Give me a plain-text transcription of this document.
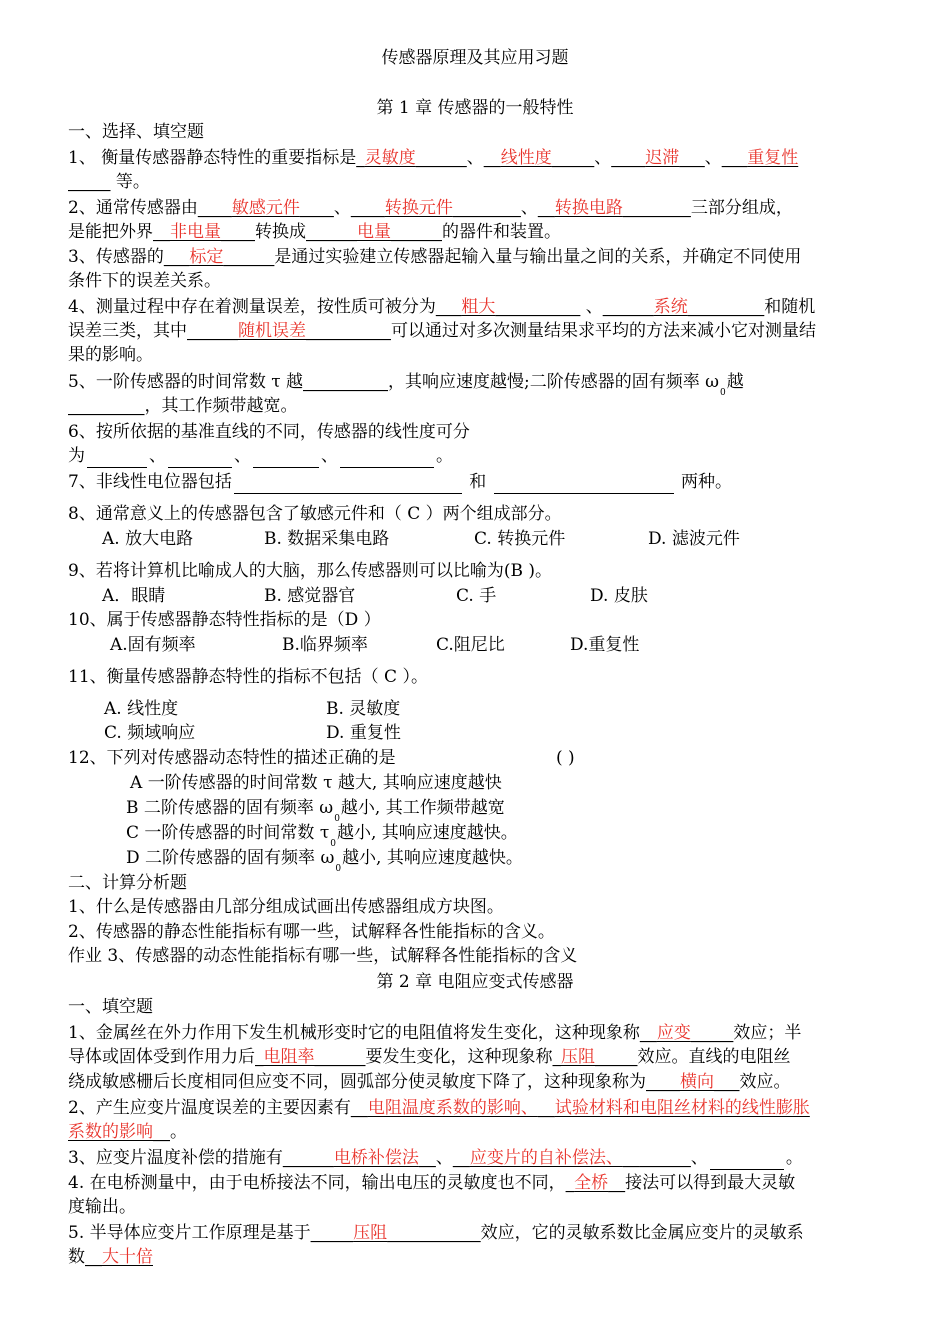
传感器原理及其应用习题
第 1 章 传感器的一般特性
一、选择、填空题
1、 衡量传感器静态特性的重要指标是_灵敏度______、__线性度_____、____迟滞___、___重复性
_____ 等。
2、通常传感器由____敏感元件____、____转换元件________、__转换电路________三部分组成，
是能把外界__非电量____转换成______电量______的器件和装置。
3、传感器的___标定______是通过实验建立传感器起输入量与输出量之间的关系，并确定不同使用
条件下的误差关系。
4、测量过程中存在着测量误差，按性质可被分为___粗大__________ 、______系统_________和随机
误差三类，其中______随机误差__________可以通过对多次测量结果求平均的方法来减小它对测量结
果的影响。
5、一阶传感器的时间常数 τ 越__________，其响应速度越慢;二阶传感器的固有频率 $\omega_0$越
_________，其工作频带越宽。
6、按所依据的基准直线的不同，传感器的线性度可分
为	、	、	、	。
7、非线性电位器包括	和	两种。
8、通常意义上的传感器包含了敏感元件和（ C ）两个组成部分。
A. 放大电路	B. 数据采集电路	C. 转换元件	D. 滤波元件
9、若将计算机比喻成人的大脑，那么传感器则可以比喻为(B )。
A．眼睛	B. 感觉器官	C. 手	D. 皮肤
10、属于传感器静态特性指标的是（D ）
A.固有频率	B.临界频率	C.阻尼比	D.重复性
11、衡量传感器静态特性的指标不包括（ C ）。
A. 线性度	B. 灵敏度
C. 频域响应	D. 重复性
12、下列对传感器动态特性的描述正确的是	( )
A 一阶传感器的时间常数 τ 越大, 其响应速度越快
B 二阶传感器的固有频率 $\omega_0$越小, 其工作频带越宽
C 一阶传感器的时间常数 $\tau_0$越小, 其响应速度越快。
D 二阶传感器的固有频率 $\omega_0$越小, 其响应速度越快。
二、计算分析题
1、什么是传感器由几部分组成试画出传感器组成方块图。
2、传感器的静态性能指标有哪一些，试解释各性能指标的含义。
作业 3、传感器的动态性能指标有哪一些，试解释各性能指标的含义
第 2 章 电阻应变式传感器
一、填空题
1、金属丝在外力作用下发生机械形变时它的电阻值将发生变化，这种现象称__应变_____效应；半
导体或固体受到作用力后_电阻率______要发生变化，这种现象称_压阻_____效应。直线的电阻丝
绕成敏感栅后长度相同但应变不同，圆弧部分使灵敏度下降了，这种现象称为____横向___效应。
2、产生应变片温度误差的主要因素有__电阻温度系数的影响、__试验材料和电阻丝材料的线性膨胀
系数的影响__。
3、应变片温度补偿的措施有______电桥补偿法__、__应变片的自补偿法、________、	。
4. 在电桥测量中，由于电桥接法不同，输出电压的灵敏度也不同，_全桥__接法可以得到最大灵敏
度输出。
5. 半导体应变片工作原理是基于_____压阻___________效应，它的灵敏系数比金属应变片的灵敏系
数__大十倍
